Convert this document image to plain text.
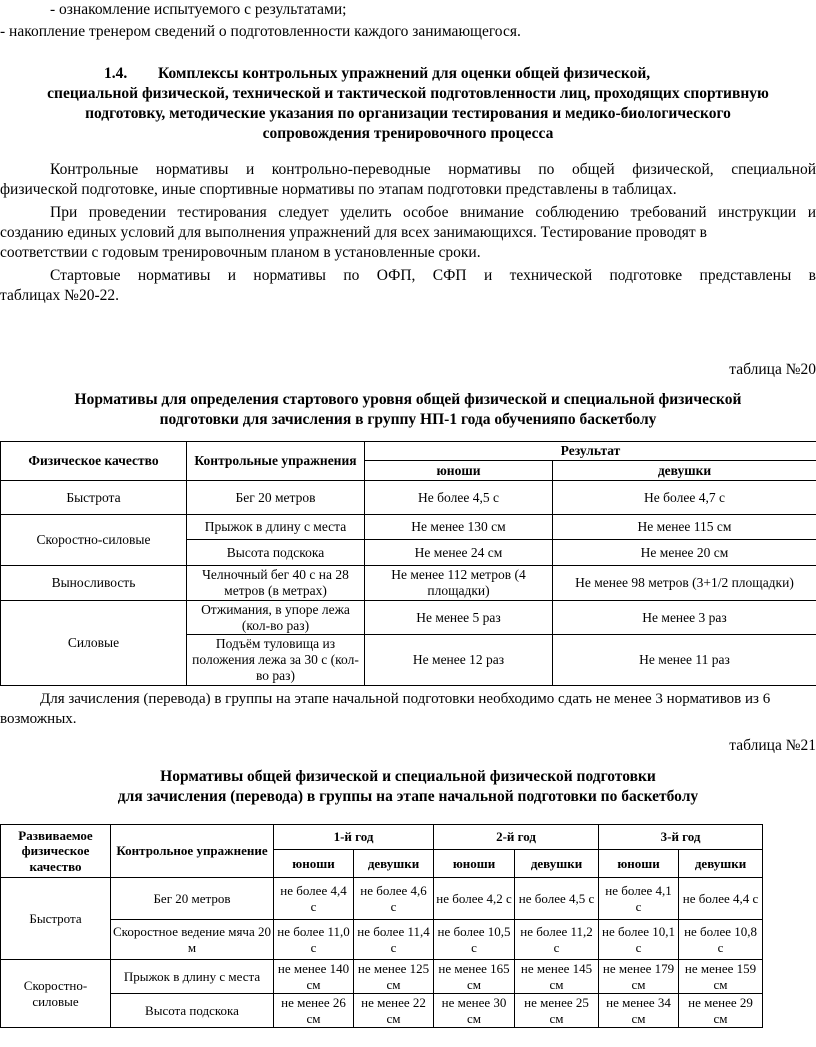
- ознакомление испытуемого с результатами;
- накопление тренером сведений о подготовленности каждого занимающегося.
1.4. Комплексы контрольных упражнений для оценки общей физической,
специальной физической, технической и тактической подготовленности лиц, проходящих спортивную
подготовку, методические указания по организации тестирования и медико-биологического
сопровождения тренировочного процесса
Контрольные нормативы и контрольно-переводные нормативы по общей физической, специальной
физической подготовке, иные спортивные нормативы по этапам подготовки представлены в таблицах.
При проведении тестирования следует уделить особое внимание соблюдению требований инструкции и
созданию единых условий для выполнения упражнений для всех занимающихся. Тестирование проводят в
соответствии с годовым тренировочным планом в установленные сроки.
Стартовые нормативы и нормативы по ОФП, СФП и технической подготовке представлены в
таблицах №20-22.
таблица №20
Нормативы для определения стартового уровня общей физической и специальной физической
подготовки для зачисления в группу НП-1 года обученияпо баскетболу
Физическое качество	Контрольные упражнения	Результат	
		юноши	девушки
Быстрота	Бег 20 метров	Не более 4,5 с	Не более 4,7 с
Скоростно-силовые	Прыжок в длину с места	Не менее 130 см	Не менее 115 см
	Высота подскока	Не менее 24 см	Не менее 20 см
Выносливость	Челночный бег 40 с на 28 метров (в метрах)	Не менее 112 метров (4 площадки)	Не менее 98 метров (3+1/2 площадки)
Силовые	Отжимания, в упоре лежа (кол-во раз)	Не менее 5 раз	Не менее 3 раз
	Подъём туловища из положения лежа за 30 с (кол-во раз)	Не менее 12 раз	Не менее 11 раз
Для зачисления (перевода) в группы на этапе начальной подготовки необходимо сдать не менее 3 нормативов из 6
возможных.
таблица №21
Нормативы общей физической и специальной физической подготовки
для зачисления (перевода) в группы на этапе начальной подготовки по баскетболу
Развиваемое физическое качество	Контрольное упражнение	1-й год		2-й год		3-й год	
		юноши	девушки	юноши	девушки	юноши	девушки
Быстрота	Бег 20 метров	не более 4,4 с	не более 4,6 с	не более 4,2 с	не более 4,5 с	не более 4,1 с	не более 4,4 с
	Скоростное ведение мяча 20 м	не более 11,0 с	не более 11,4 с	не более 10,5 с	не более 11,2 с	не более 10,1 с	не более 10,8 с
Скоростно-силовые	Прыжок в длину с места	не менее 140 см	не менее 125 см	не менее 165 см	не менее 145 см	не менее 179 см	не менее 159 см
	Высота подскока	не менее 26 см	не менее 22 см	не менее 30 см	не менее 25 см	не менее 34 см	не менее 29 см
